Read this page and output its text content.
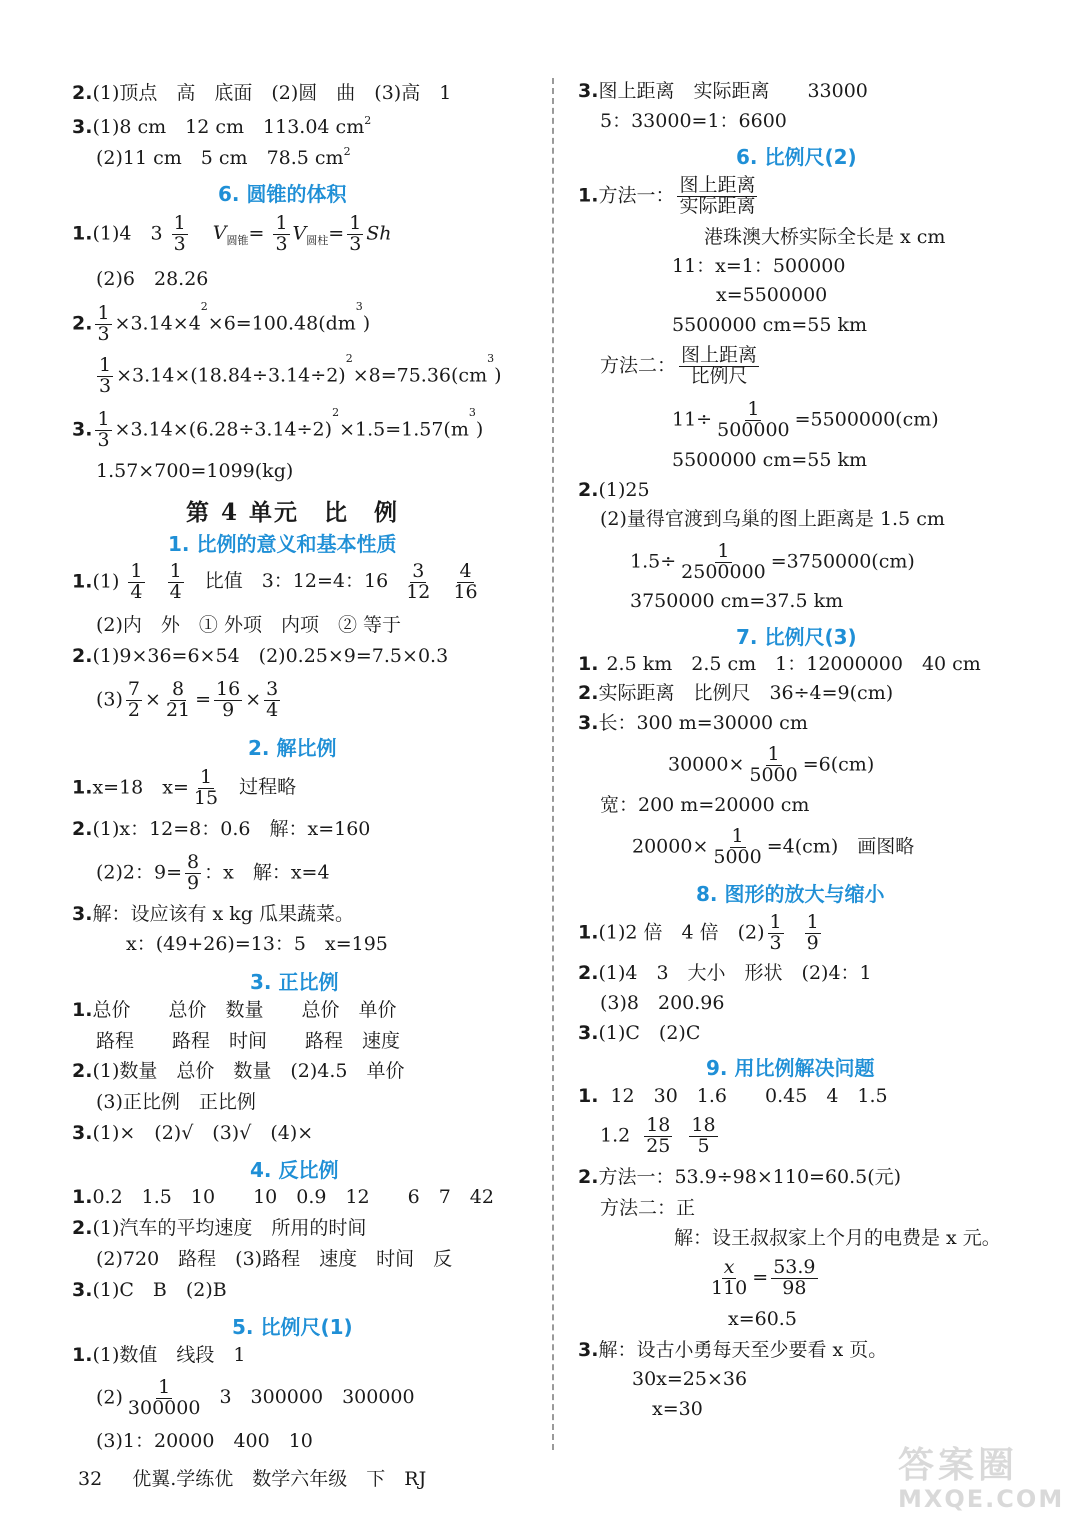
2.(1)顶点　高　底面　(2)圆　曲　(3)高　1
3.(1)8 cm　12 cm　113.04 $cm^2$
(2)11 cm　5 cm　78.5 $cm^2$
6. 圆锥的体积
1.(1)4　$3 \frac{1}{3} V_{圆锥}= \frac{1}{3} V_{圆柱}= \frac{1}{3}$ Sh
(2)6　28.26
2. $\frac{1}{3} \times 3.14\times 4^2\times 6=100.48(dm^3)$
$\frac{1}{3} \times 3.14\times(18.84\div 3.14\div 2)^2\times 8=75.36(cm^3)$
3. $\frac{1}{3} \times 3.14\times(6.28\div 3.14\div 2)^2\times 1.5=1.57(m^3)$
1.57×700=1099(kg)
第 4 单元　比　例
1. 比例的意义和基本性质
$1.(1) \frac{1}{4}$
$\frac{1}{4}$ 比值　3：12=4：$16 \frac{3}{12}$
$\frac{4}{16}$
(2)内　外　① 外项　内项　② 等于
2.(1)9×36=6×54　(2)0.25×9=7.5×0.3
$(3) \frac{7}{2} \times \frac{8}{21} = \frac{16}{9} \times \frac{3}{4}$
2. 解比例
1.x=18　$x= \frac{1}{15}$ 过程略
2.(1)x：12=8：0.6　解：x=160
(2)2：$9= \frac{8}{9}$ ：x　解：x=4
3.解：设应该有 x kg 瓜果蔬菜。
x：(49+26)=13：5　x=195
3. 正比例
1.总价　　总价　数量　　总价　单价
路程　　路程　时间　　路程　速度
2.(1)数量　总价　数量　(2)4.5　单价
(3)正比例　正比例
3.(1)×　(2)√　(3)√　(4)×
4. 反比例
1.0.2　1.5　10　　10　0.9　12　　6　7　42
2.(1)汽车的平均速度　所用的时间
(2)720　路程　(3)路程　速度　时间　反
3.(1)C　B　(2)B
5. 比例尺(1)
1.(1)数值　线段　1
$(2) \frac{1}{300000} 3$　300000　300000
(3)1：20000　400　10
3.图上距离　实际距离　　33000
5：33000=1：6600
6. 比例尺(2)
1.方法一： $\frac{\text{图上距离}}{\text{实际距离}}$
港珠澳大桥实际全长是 x cm
11：x=1：500000
x=5500000
5500000 cm=55 km
方法二： $\frac{\text{图上距离}}{\text{比例尺}}$
$11\div \frac{1}{500000} =5500000(cm)$
5500000 cm=55 km
2.(1)25
(2)量得官渡到乌巢的图上距离是 1.5 cm
$1.5\div \frac{1}{2500000} =3750000(cm)$
3750000 cm=37.5 km
7. 比例尺(3)
1. 2.5 km　2.5 cm　1：12000000　40 cm
2.实际距离　比例尺　36÷4=9(cm)
3.长：300 m=30000 cm
$30000\times \frac{1}{5000} =6(cm)$
宽：200 m=20000 cm
$20000\times \frac{1}{5000} =4(cm)$　画图略
8. 图形的放大与缩小
1.(1)2 倍　4 倍　$(2) \frac{1}{3} \frac{1}{9}$
2.(1)4　3　大小　形状　(2)4：1
(3)8　200.96
3.(1)C　(2)C
9. 用比例解决问题
1. 12　30　1.6　　0.45　4　1.5
$1.2 \frac{18}{25} \frac{18}{5}$
2.方法一：53.9÷98×110=60.5(元)
方法二：正
解：设王叔叔家上个月的电费是 x 元。
$\frac{x}{110} = \frac{53.9}{98}$
x=60.5
3.解：设古小勇每天至少要看 x 页。
30x=25×36
x=30
32 优翼.学练优　数学六年级　下　RJ	答案圈
MXQE.COM
